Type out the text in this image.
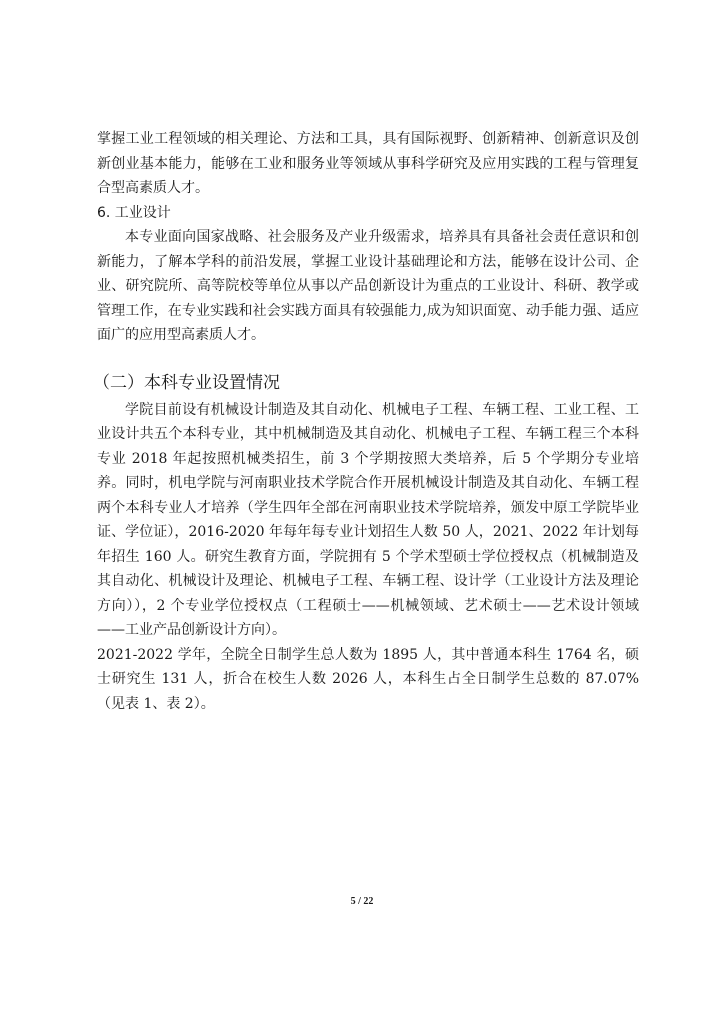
掌握工业工程领域的相关理论、方法和工具，具有国际视野、创新精神、创新意识及创新创业基本能力，能够在工业和服务业等领域从事科学研究及应用实践的工程与管理复合型高素质人才。

6. 工业设计

本专业面向国家战略、社会服务及产业升级需求，培养具有具备社会责任意识和创新能力，了解本学科的前沿发展，掌握工业设计基础理论和方法，能够在设计公司、企业、研究院所、高等院校等单位从事以产品创新设计为重点的工业设计、科研、教学或管理工作，在专业实践和社会实践方面具有较强能力,成为知识面宽、动手能力强、适应面广的应用型高素质人才。

（二）本科专业设置情况

学院目前设有机械设计制造及其自动化、机械电子工程、车辆工程、工业工程、工业设计共五个本科专业，其中机械制造及其自动化、机械电子工程、车辆工程三个本科专业 2018 年起按照机械类招生，前 3 个学期按照大类培养，后 5 个学期分专业培养。同时，机电学院与河南职业技术学院合作开展机械设计制造及其自动化、车辆工程两个本科专业人才培养（学生四年全部在河南职业技术学院培养，颁发中原工学院毕业证、学位证），2016-2020 年每年每专业计划招生人数 50 人，2021、2022 年计划每年招生 160 人。研究生教育方面，学院拥有 5 个学术型硕士学位授权点（机械制造及其自动化、机械设计及理论、机械电子工程、车辆工程、设计学（工业设计方法及理论方向）），2 个专业学位授权点（工程硕士——机械领域、艺术硕士——艺术设计领域——工业产品创新设计方向）。

2021-2022 学年，全院全日制学生总人数为 1895 人，其中普通本科生 1764 名，硕士研究生 131 人，折合在校生人数 2026 人，本科生占全日制学生总数的 87.07%（见表 1、表 2）。

5 / 22
